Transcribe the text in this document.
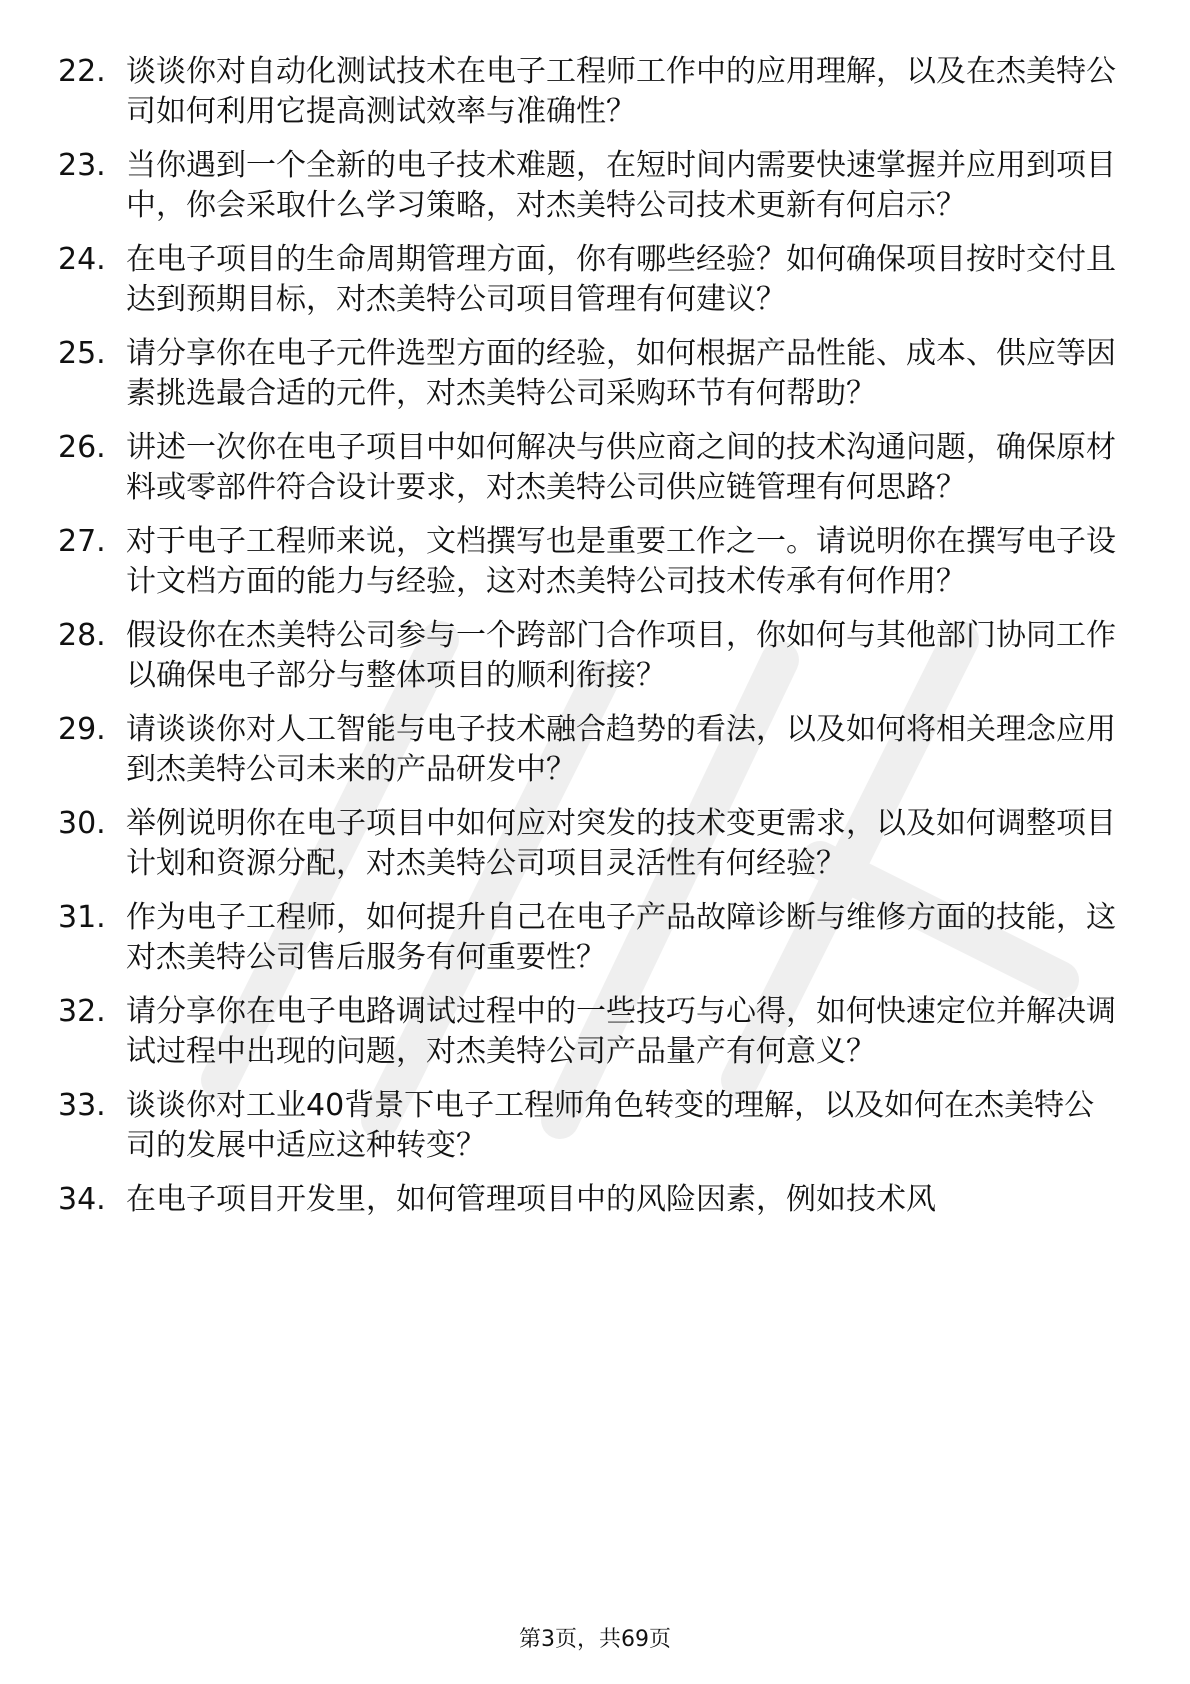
22. 谈谈你对自动化测试技术在电子工程师工作中的应用理解，以及在杰美特公司如何利用它提高测试效率与准确性？
23. 当你遇到一个全新的电子技术难题，在短时间内需要快速掌握并应用到项目中，你会采取什么学习策略，对杰美特公司技术更新有何启示？
24. 在电子项目的生命周期管理方面，你有哪些经验？如何确保项目按时交付且达到预期目标，对杰美特公司项目管理有何建议？
25. 请分享你在电子元件选型方面的经验，如何根据产品性能、成本、供应等因素挑选最合适的元件，对杰美特公司采购环节有何帮助？
26. 讲述一次你在电子项目中如何解决与供应商之间的技术沟通问题，确保原材料或零部件符合设计要求，对杰美特公司供应链管理有何思路？
27. 对于电子工程师来说，文档撰写也是重要工作之一。请说明你在撰写电子设计文档方面的能力与经验，这对杰美特公司技术传承有何作用？
28. 假设你在杰美特公司参与一个跨部门合作项目，你如何与其他部门协同工作以确保电子部分与整体项目的顺利衔接？
29. 请谈谈你对人工智能与电子技术融合趋势的看法，以及如何将相关理念应用到杰美特公司未来的产品研发中？
30. 举例说明你在电子项目中如何应对突发的技术变更需求，以及如何调整项目计划和资源分配，对杰美特公司项目灵活性有何经验？
31. 作为电子工程师，如何提升自己在电子产品故障诊断与维修方面的技能，这对杰美特公司售后服务有何重要性？
32. 请分享你在电子电路调试过程中的一些技巧与心得，如何快速定位并解决调试过程中出现的问题，对杰美特公司产品量产有何意义？
33. 谈谈你对工业40背景下电子工程师角色转变的理解，以及如何在杰美特公司的发展中适应这种转变？
34. 在电子项目开发里，如何管理项目中的风险因素，例如技术风
第3页，共69页
